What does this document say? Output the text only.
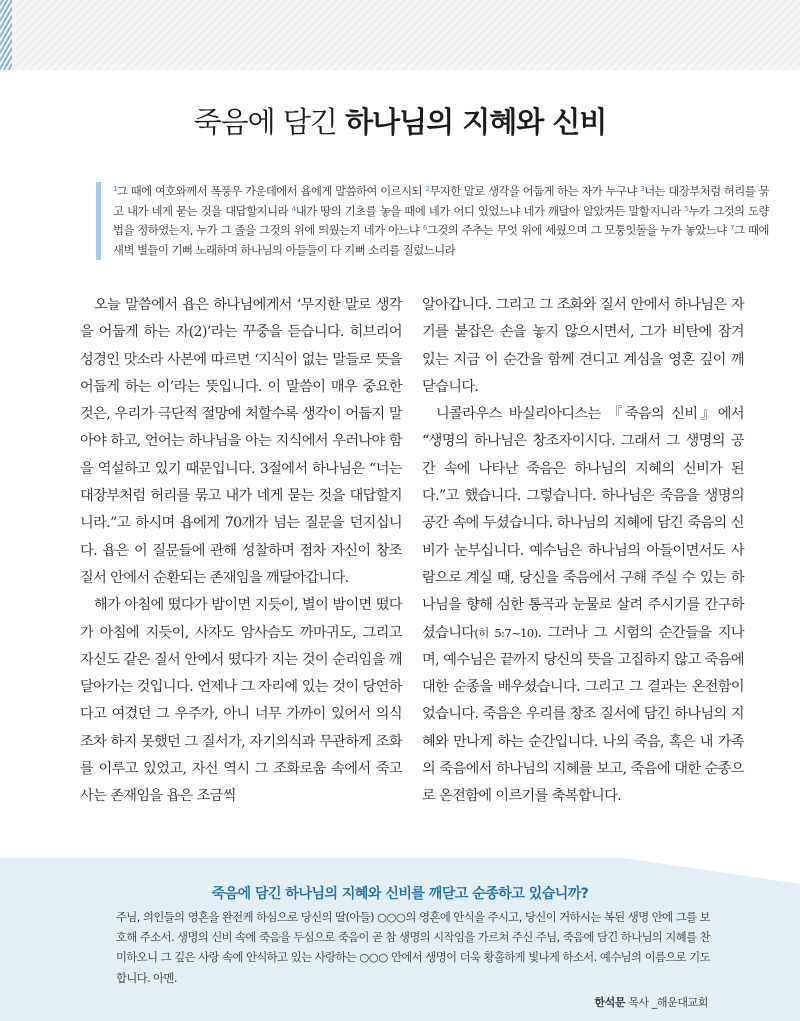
죽음에 담긴 하나님의 지혜와 신비
$^1$그 때에 여호와께서 폭풍우 가운데에서 욥에게 말씀하여 이르시되 $^2$무지한 말로 생각을 어둡게 하는 자가 누구냐 $^3$너는 대장부처럼 허리를 묶고 내가 네게 묻는 것을 대답할지니라 $^4$내가 땅의 기초를 놓을 때에 네가 어디 있었느냐 네가 깨달아 알았거든 말할지니라 $^5$누가 그것의 도량법을 정하였는지, 누가 그 줄을 그것의 위에 띄웠는지 네가 아느냐 $^6$그것의 주추는 무엇 위에 세웠으며 그 모퉁잇돌을 누가 놓았느냐 $^7$그 때에 새벽 별들이 기뻐 노래하며 하나님의 아들들이 다 기뻐 소리를 질렀느니라

오늘 말씀에서 욥은 하나님에게서 ‘무지한 말로 생각을 어둡게 하는 자(2)’라는 꾸중을 듣습니다. 히브리어 성경인 맛소라 사본에 따르면 ‘지식이 없는 말들로 뜻을 어둡게 하는 이’라는 뜻입니다. 이 말씀이 매우 중요한 것은, 우리가 극단적 절망에 처할수록 생각이 어둡지 말아야 하고, 언어는 하나님을 아는 지식에서 우러나야 함을 역설하고 있기 때문입니다. 3절에서 하나님은 “너는 대장부처럼 허리를 묶고 내가 네게 묻는 것을 대답할지니라.”고 하시며 욥에게 70개가 넘는 질문을 던지십니다. 욥은 이 질문들에 관해 성찰하며 점차 자신이 창조 질서 안에서 순환되는 존재임을 깨달아갑니다.

해가 아침에 떴다가 밤이면 지듯이, 별이 밤이면 떴다가 아침에 지듯이, 사자도 암사슴도 까마귀도, 그리고 자신도 같은 질서 안에서 떴다가 지는 것이 순리임을 깨달아가는 것입니다. 언제나 그 자리에 있는 것이 당연하다고 여겼던 그 우주가, 아니 너무 가까이 있어서 의식조차 하지 못했던 그 질서가, 자기의식과 무관하게 조화를 이루고 있었고, 자신 역시 그 조화로움 속에서 죽고 사는 존재임을 욥은 조금씩

알아갑니다. 그리고 그 조화와 질서 안에서 하나님은 자기를 붙잡은 손을 놓지 않으시면서, 그가 비탄에 잠겨 있는 지금 이 순간을 함께 견디고 계심을 영혼 깊이 깨닫습니다.

니콜라우스 바실리아디스는 『죽음의 신비』에서 “생명의 하나님은 창조자이시다. 그래서 그 생명의 공간 속에 나타난 죽음은 하나님의 지혜의 신비가 된다.”고 했습니다. 그렇습니다. 하나님은 죽음을 생명의 공간 속에 두셨습니다. 하나님의 지혜에 담긴 죽음의 신비가 눈부십니다. 예수님은 하나님의 아들이면서도 사람으로 계실 때, 당신을 죽음에서 구해 주실 수 있는 하나님을 향해 심한 통곡과 눈물로 살려 주시기를 간구하셨습니다(히 5:7~10). 그러나 그 시험의 순간들을 지나며, 예수님은 끝까지 당신의 뜻을 고집하지 않고 죽음에 대한 순종을 배우셨습니다. 그리고 그 결과는 온전함이었습니다. 죽음은 우리를 창조 질서에 담긴 하나님의 지혜와 만나게 하는 순간입니다. 나의 죽음, 혹은 내 가족의 죽음에서 하나님의 지혜를 보고, 죽음에 대한 순종으로 온전함에 이르기를 축복합니다.

죽음에 담긴 하나님의 지혜와 신비를 깨닫고 순종하고 있습니까?
주님, 의인들의 영혼을 완전케 하심으로 당신의 딸(아들) ○○○의 영혼에 안식을 주시고, 당신이 거하시는 복된 생명 안에 그를 보호해 주소서. 생명의 신비 속에 죽음을 두심으로 죽음이 곧 참 생명의 시작임을 가르쳐 주신 주님, 죽음에 담긴 하나님의 지혜를 찬미하오니 그 깊은 사랑 속에 안식하고 있는 사랑하는 ○○○ 안에서 생명이 더욱 황홀하게 빛나게 하소서. 예수님의 이름으로 기도합니다. 아멘.
한석문 목사 _해운대교회
